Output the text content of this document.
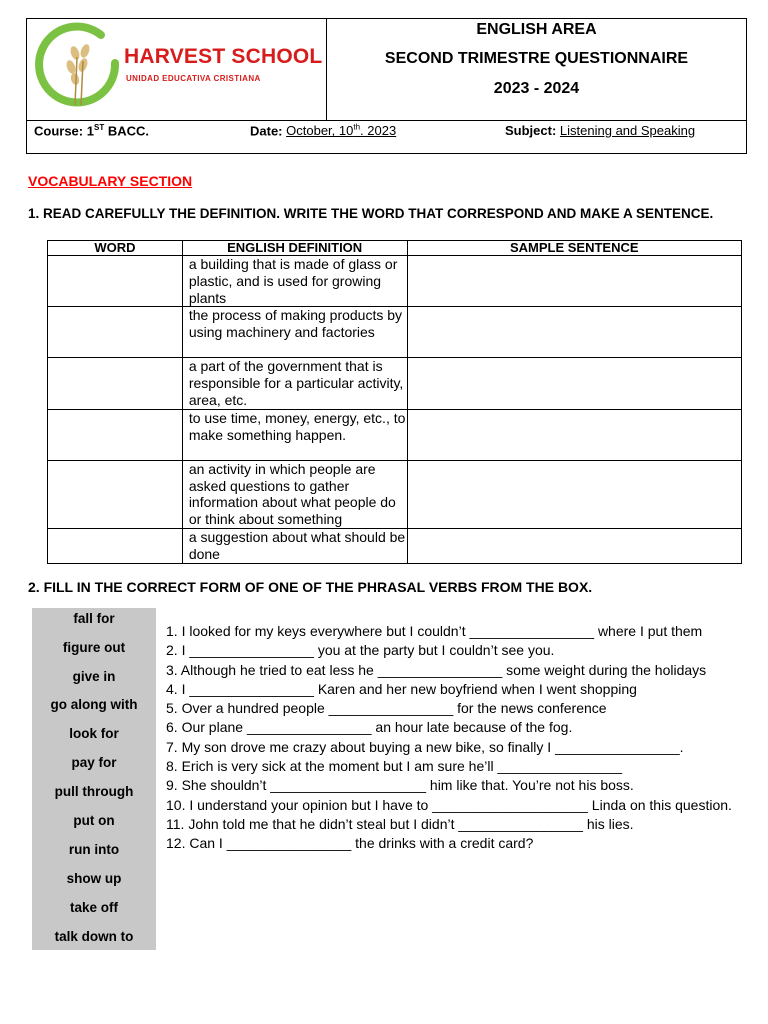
HARVEST SCHOOL
UNIDAD EDUCATIVA CRISTIANA
ENGLISH AREA
SECOND TRIMESTRE QUESTIONNAIRE
2023 - 2024
Course: 1ST BACC.	Date: October, 10th. 2023	Subject: Listening and Speaking
VOCABULARY SECTION
1. READ CAREFULLY THE DEFINITION. WRITE THE WORD THAT CORRESPOND AND MAKE A SENTENCE.
WORD	ENGLISH DEFINITION	SAMPLE SENTENCE
	a building that is made of glass or plastic, and is used for growing plants	
	the process of making products by using machinery and factories	
	a part of the government that is responsible for a particular activity, area, etc.	
	to use time, money, energy, etc., to make something happen.	
	an activity in which people are asked questions to gather information about what people do or think about something	
	a suggestion about what should be done	
2. FILL IN THE CORRECT FORM OF ONE OF THE PHRASAL VERBS FROM THE BOX.
fall for
figure out
give in
go along with
look for
pay for
pull through
put on
run into
show up
take off
talk down to
1. I looked for my keys everywhere but I couldn’t ________________ where I put them
2. I ________________ you at the party but I couldn’t see you.
3. Although he tried to eat less he ________________ some weight during the holidays
4. I ________________ Karen and her new boyfriend when I went shopping
5. Over a hundred people ________________ for the news conference
6. Our plane ________________ an hour late because of the fog.
7. My son drove me crazy about buying a new bike, so finally I ________________.
8. Erich is very sick at the moment but I am sure he’ll ________________
9. She shouldn’t ____________________ him like that. You’re not his boss.
10. I understand your opinion but I have to ____________________ Linda on this question.
11. John told me that he didn’t steal but I didn’t ________________ his lies.
12. Can I ________________ the drinks with a credit card?
